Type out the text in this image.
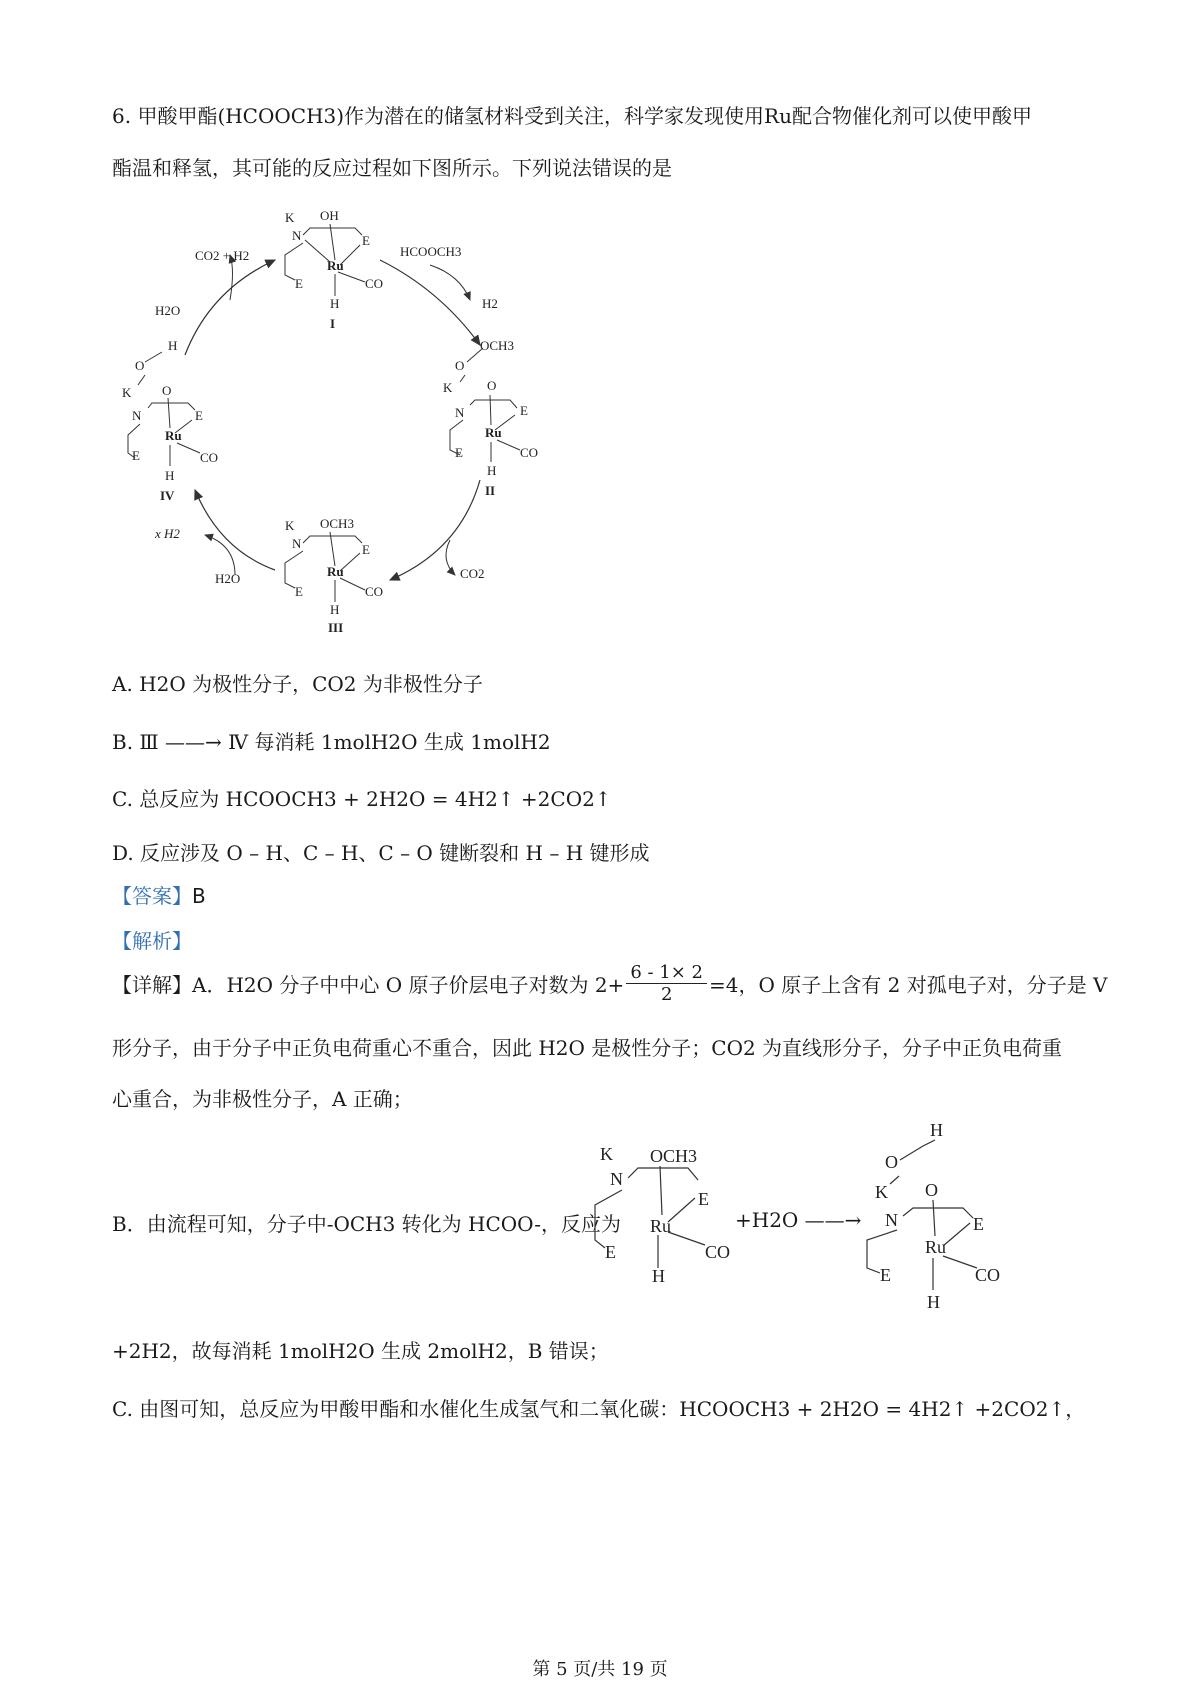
6. 甲酸甲酯(HCOOCH3)作为潜在的储氢材料受到关注，科学家发现使用Ru配合物催化剂可以使甲酸甲
酯温和释氢，其可能的反应过程如下图所示。下列说法错误的是
K
N
OH
Ru
E
E	CO
H
I
OCH3
O
K	O
N
Ru
E
E	CO
H
II
K
N
OCH3
Ru
E
E	CO
H
III
H
O
K O
N
Ru
E
E	CO
H
IV
HCOOCH3
H2
CO2
x H2
H2O
CO2 + H2
H2O
A. H2O 为极性分子，CO2 为非极性分子
B. Ⅲ ——→ Ⅳ 每消耗 1molH2O 生成 1molH2
C. 总反应为 HCOOCH3 + 2H2O = 4H2↑ +2CO2↑
D. 反应涉及 O – H、C – H、C – O 键断裂和 H – H 键形成
【答案】B
【解析】
【详解】A．H2O 分子中中心 O 原子价层电子对数为 $2+ \frac{6 - 1\times 2}{2} =4$，O 原子上含有 2 对孤电子对，分子是 V
形分子，由于分子中正负电荷重心不重合，因此 H2O 是极性分子；CO2 为直线形分子，分子中正负电荷重
心重合，为非极性分子，A 正确；
B．由流程可知，分子中-OCH3 转化为 HCOO-，反应为
K
N
OCH3
Ru
E
E	CO
H
+H2O ——→
H
O
K O
N
Ru
E
E	CO
H
+2H2，故每消耗 1molH2O 生成 2molH2，B 错误；
C. 由图可知，总反应为甲酸甲酯和水催化生成氢气和二氧化碳：HCOOCH3 + 2H2O = 4H2↑ +2CO2↑，
第 5 页/共 19 页
